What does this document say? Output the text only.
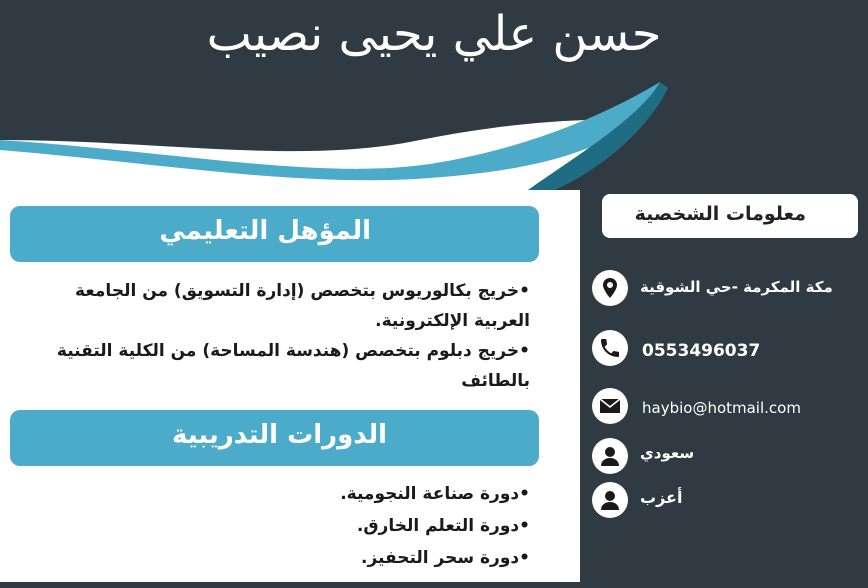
حسن علي يحيى نصيب
معلومات الشخصية
مكة المكرمة -حي الشوقية
0553496037
haybio@hotmail.com
سعودي
أعزب
المؤهل التعليمي
•خريج بكالوريوس بتخصص (إدارة التسويق) من الجامعة
العربية الإلكترونية.
•خريج دبلوم بتخصص (هندسة المساحة) من الكلية التقنية
بالطائف
الدورات التدريبية
•دورة صناعة النجومية.
•دورة التعلم الخارق.
•دورة سحر التحفيز.
